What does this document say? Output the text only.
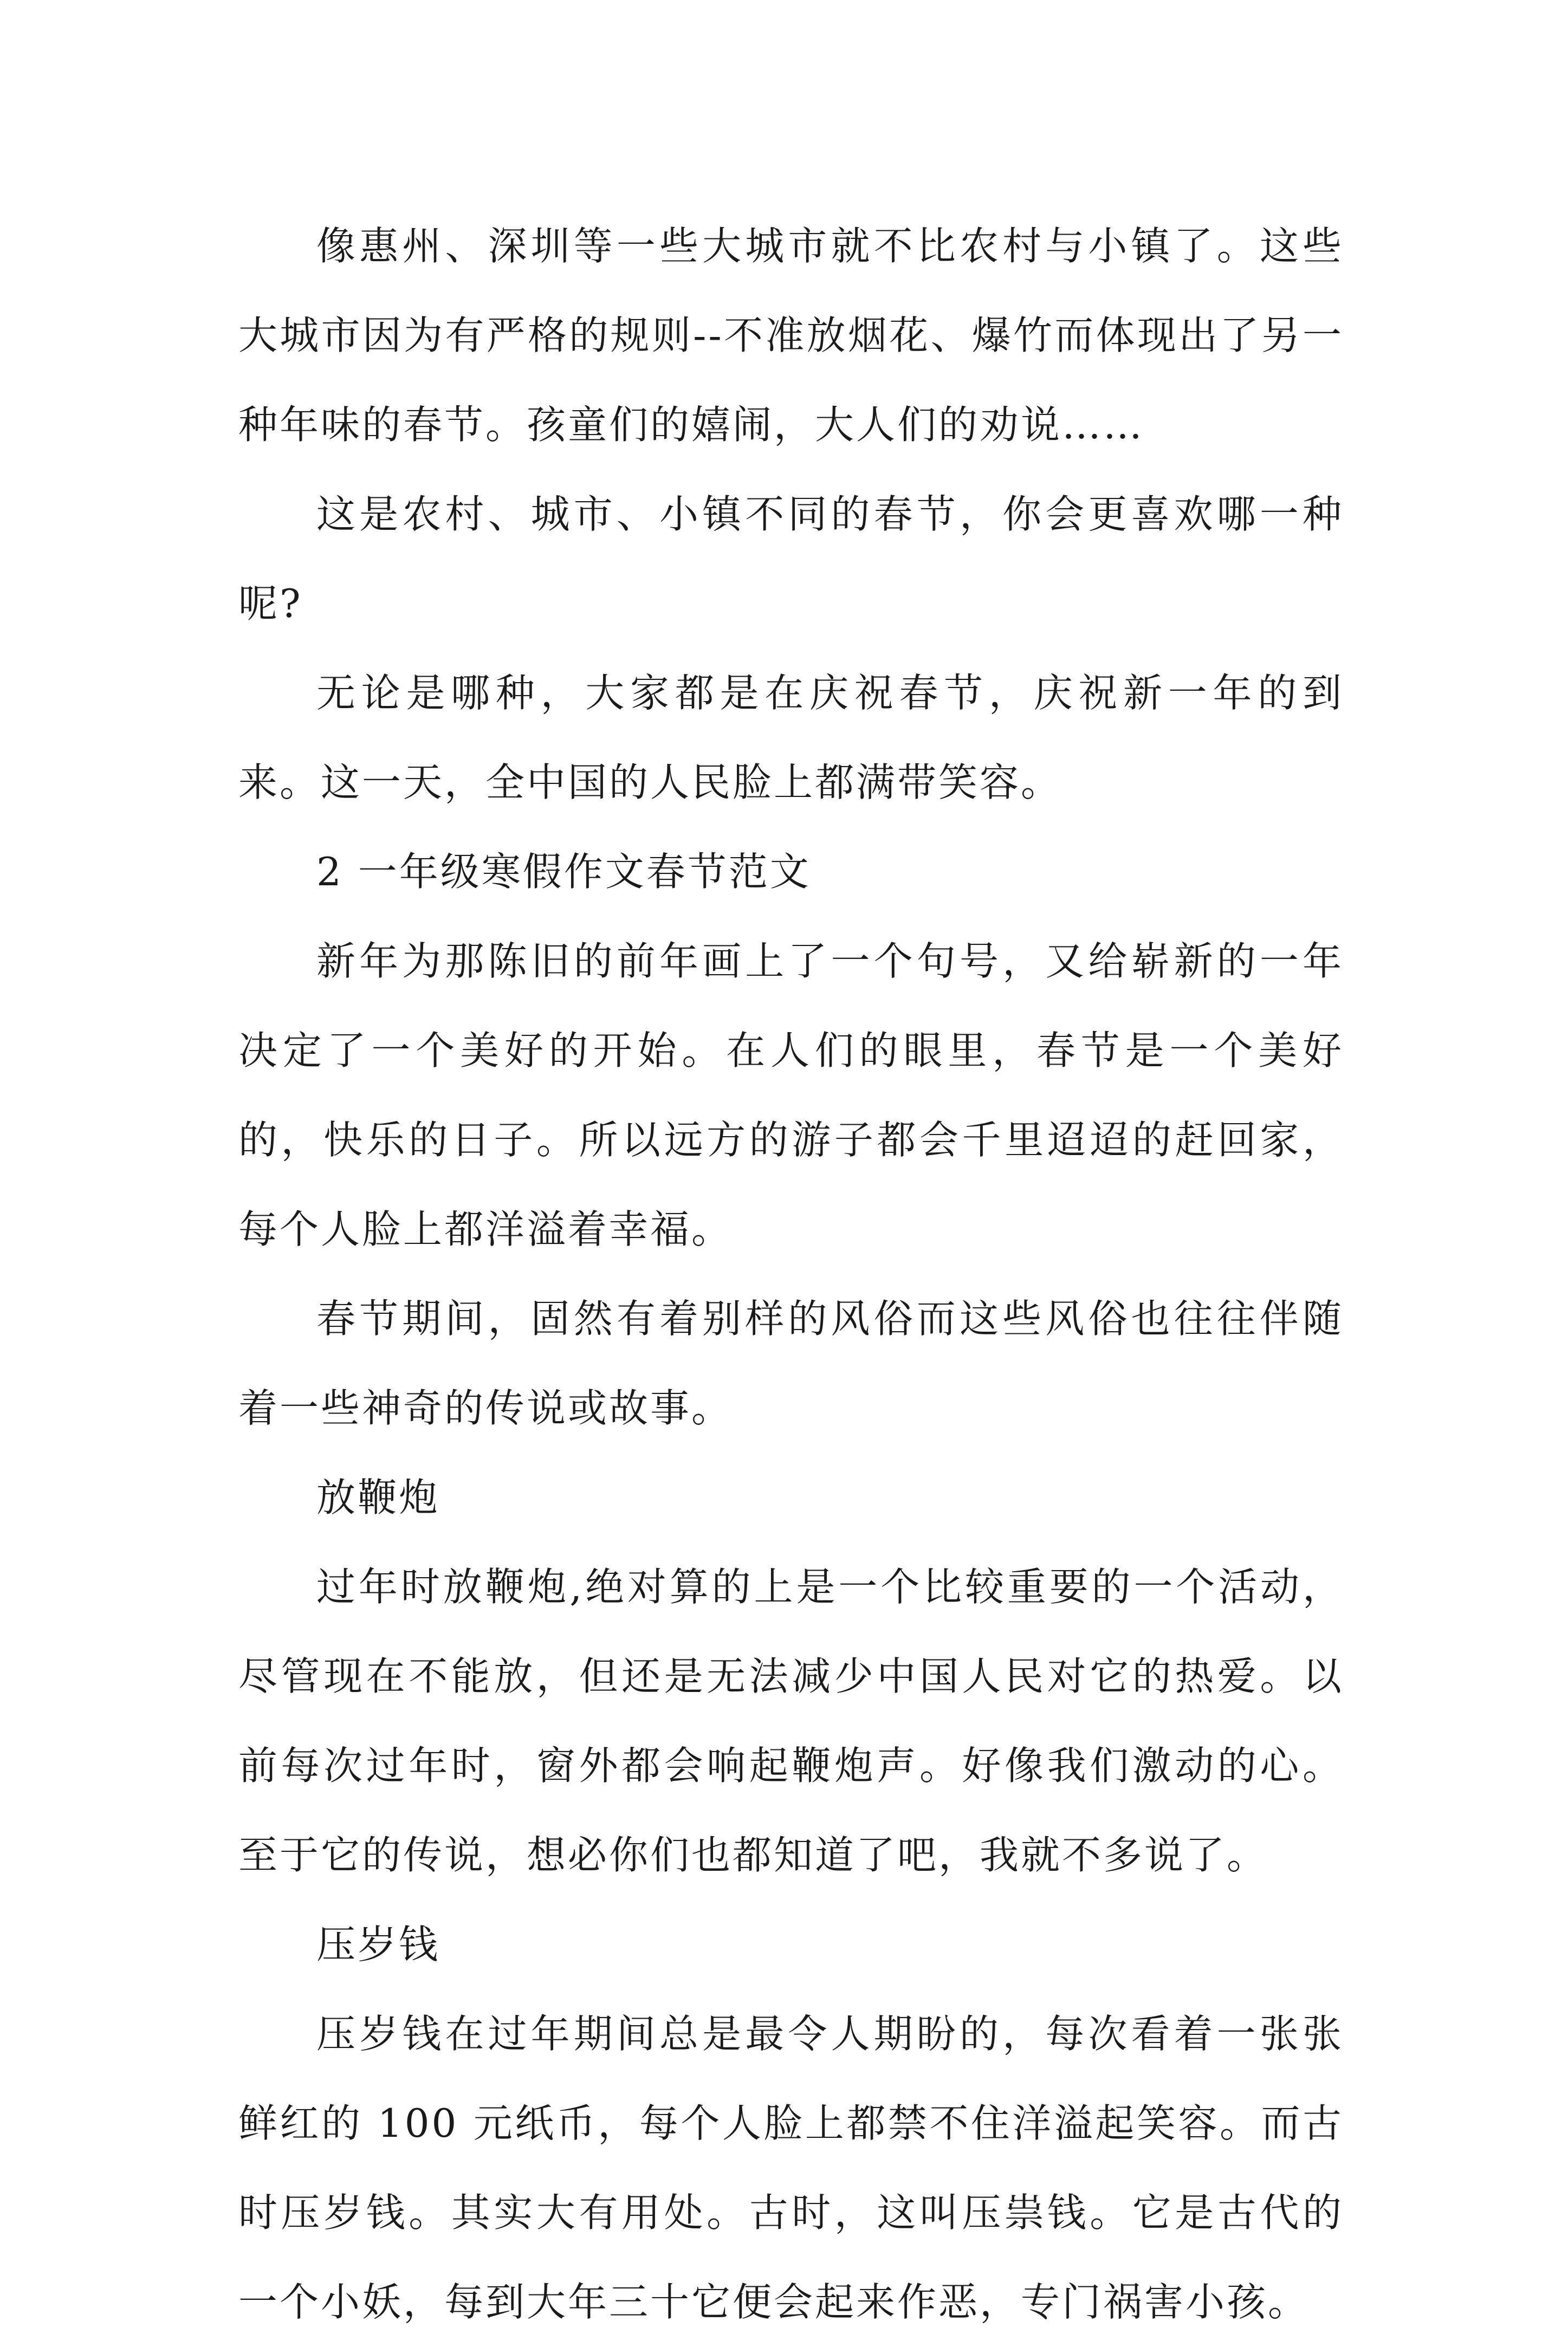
像惠州、深圳等一些大城市就不比农村与小镇了。这些大城市因为有严格的规则--不准放烟花、爆竹而体现出了另一种年味的春节。孩童们的嬉闹，大人们的劝说……

这是农村、城市、小镇不同的春节，你会更喜欢哪一种呢?

无论是哪种，大家都是在庆祝春节，庆祝新一年的到来。这一天，全中国的人民脸上都满带笑容。

2 一年级寒假作文春节范文

新年为那陈旧的前年画上了一个句号，又给崭新的一年决定了一个美好的开始。在人们的眼里，春节是一个美好的，快乐的日子。所以远方的游子都会千里迢迢的赶回家，每个人脸上都洋溢着幸福。

春节期间，固然有着别样的风俗而这些风俗也往往伴随着一些神奇的传说或故事。

放鞭炮

过年时放鞭炮,绝对算的上是一个比较重要的一个活动，尽管现在不能放，但还是无法减少中国人民对它的热爱。以前每次过年时，窗外都会响起鞭炮声。好像我们激动的心。至于它的传说，想必你们也都知道了吧，我就不多说了。

压岁钱

压岁钱在过年期间总是最令人期盼的，每次看着一张张鲜红的 100 元纸币，每个人脸上都禁不住洋溢起笑容。而古时压岁钱。其实大有用处。古时，这叫压祟钱。它是古代的一个小妖，每到大年三十它便会起来作恶，专门祸害小孩。
